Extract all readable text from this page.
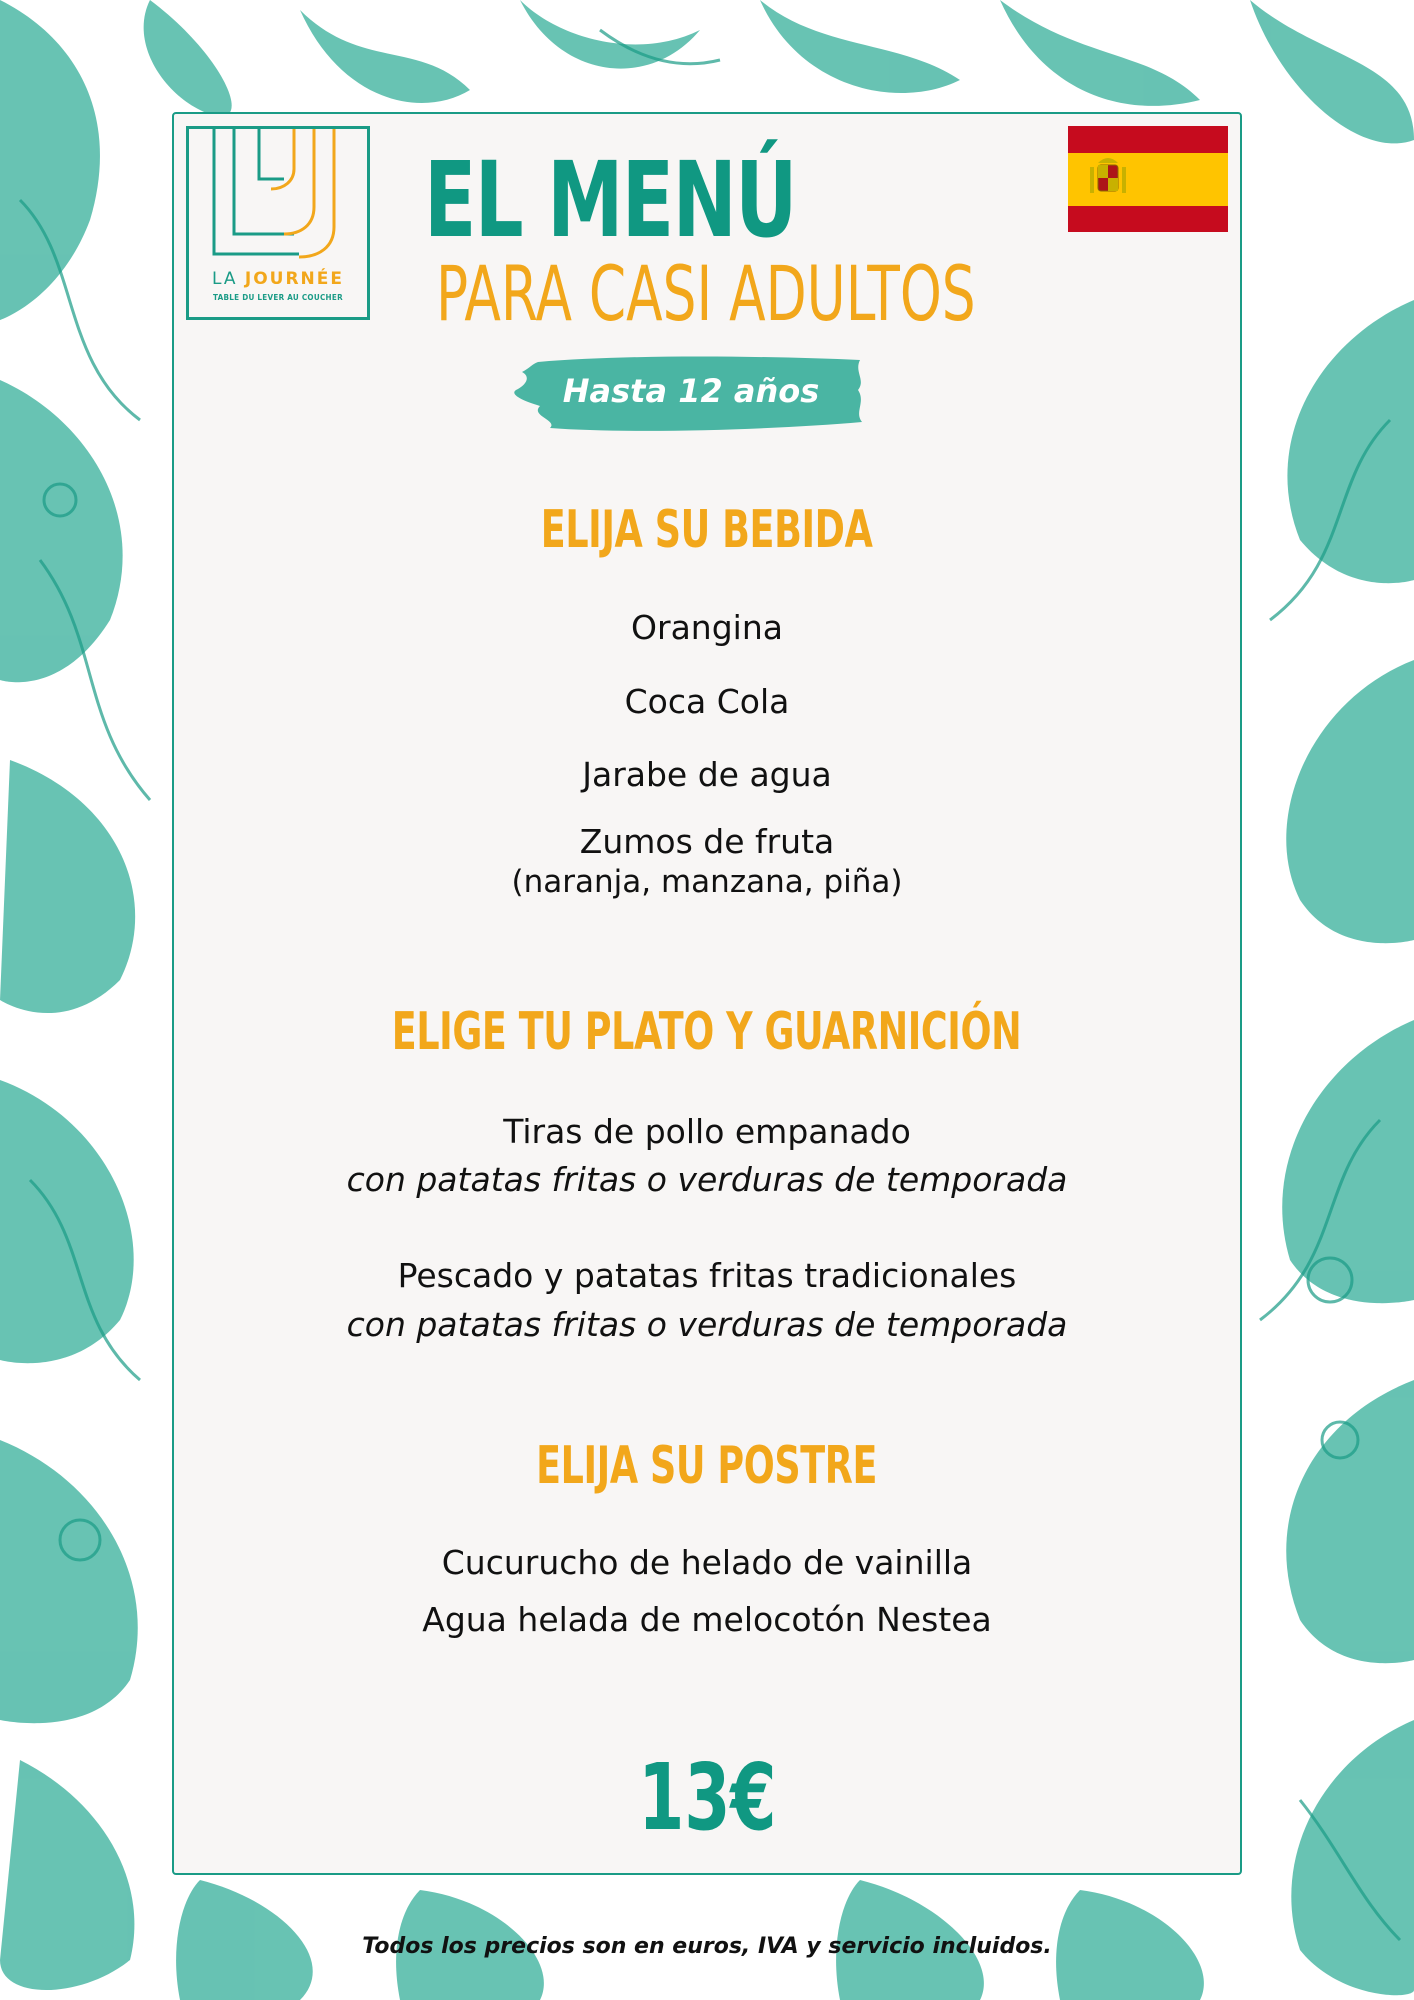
LA JOURNÉE
TABLE DU LEVER AU COUCHER
EL MENÚ
PARA CASI ADULTOS
Hasta 12 años
ELIJA SU BEBIDA
Orangina
Coca Cola
Jarabe de agua
Zumos de fruta
(naranja, manzana, piña)
ELIGE TU PLATO Y GUARNICIÓN
Tiras de pollo empanado
con patatas fritas o verduras de temporada
Pescado y patatas fritas tradicionales
con patatas fritas o verduras de temporada
ELIJA SU POSTRE
Cucurucho de helado de vainilla
Agua helada de melocotón Nestea
13€
Todos los precios son en euros, IVA y servicio incluidos.
